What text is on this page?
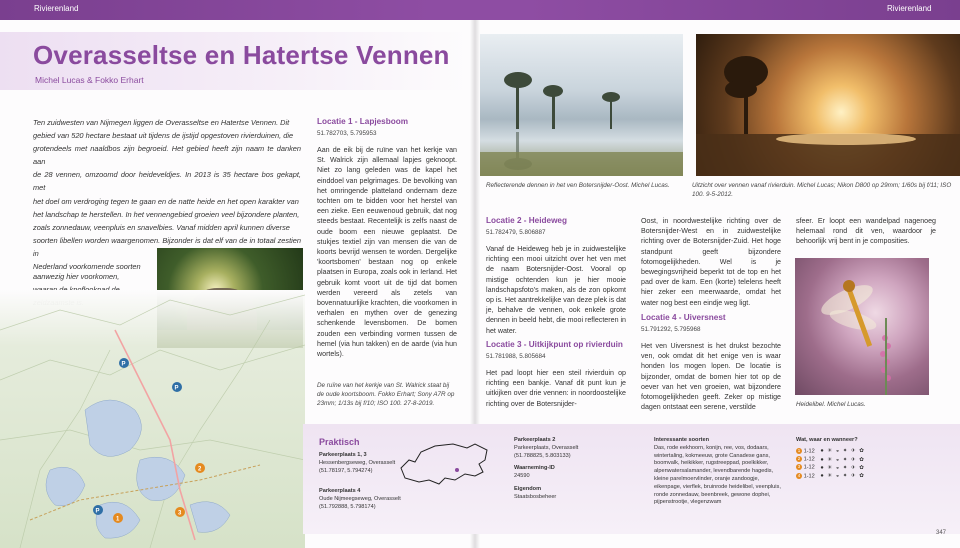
Rivierenland	Rivierenland
Overasseltse en Hatertse Vennen
Michel Lucas & Fokko Erhart
Ten zuidwesten van Nijmegen liggen de Overasseltse en Hatertse Vennen. Dit
gebied van 520 hectare bestaat uit tijdens de ijstijd opgestoven rivierduinen, die
grotendeels met naaldbos zijn begroeid. Het gebied heeft zijn naam te danken aan
de 28 vennen, omzoomd door heideveldjes. In 2013 is 35 hectare bos gekapt, met
het doel om verdroging tegen te gaan en de natte heide en het open karakter van
het landschap te herstellen. In het vennengebied groeien veel bijzondere planten,
zoals zonnedauw, veenpluis en snavelbies. Vanaf midden april kunnen diverse
soorten libellen worden waargenomen. Bijzonder is dat elf van de in totaal zestien in
Nederland voorkomende soorten
aanwezig hier voorkomen,
P
P
P
2
3
1
De ruïne van het kerkje van St. Walrick staat bij de oude koortsboom. Fokko Erhart; Sony A7R op 23mm; 1/13s bij f/10; ISO 100. 27-8-2019.
Locatie 1 - Lapjesboom
51.782703, 5.795953
Aan de eik bij de ruïne van het kerkje van St. Walrick zijn allemaal lapjes geknoopt. Niet zo lang geleden was de kapel het einddoel van pelgrimages. De bevolking van het omringende platteland ondernam deze tochten om te bidden voor het herstel van een zieke. Een eeuwenoud gebruik, dat nog steeds bestaat. Recentelijk is zelfs naast de oude boom een nieuwe geplaatst. De stukjes textiel zijn van mensen die van de koorts bevrijd wensen te worden. Dergelijke 'koortsbomen' bestaan nog op enkele plaatsen in Europa, zoals ook in Ierland. Het gebruik komt voort uit de tijd dat bomen werden vereerd als zetels van bovennatuurlijke krachten, die voorkomen in verhalen en mythen over de genezing schenkende levensbomen. De bomen zouden een verbinding vormen tussen de hemel (via hun takken) en de aarde (via hun wortels).
Reflecterende dennen in het ven Botersnijder-Oost. Michel Lucas.	Uitzicht over vennen vanaf rivierduin. Michel Lucas; Nikon D800 op 29mm; 1/60s bij f/11; ISO 100. 9-5-2012.
Locatie 2 - Heideweg
51.782479, 5.806887
Vanaf de Heideweg heb je in zuidwestelijke richting een mooi uitzicht over het ven met de naam Botersnijder-Oost. Vooral op mistige ochtenden kun je hier mooie landschapsfoto's maken, als de zon opkomt op is. Het aantrekkelijke van deze plek is dat je, behalve de vennen, ook enkele grote dennen in beeld hebt, die mooi reflecteren in het water.
Locatie 3 - Uitkijkpunt op rivierduin
51.781988, 5.805684
Het pad loopt hier een steil rivierduin op richting een bankje. Vanaf dit punt kun je uitkijken over drie vennen: in noordoostelijke richting over de Botersnijder-
Oost, in noordwestelijke richting over de Botersnijder-West en in zuidwestelijke richting over de Botersnijder-Zuid. Het hoge standpunt geeft bijzondere fotomogelijkheden. Wel is je bewegingsvrijheid beperkt tot de top en het pad over de kam. Een (korte) telelens heeft hier zeker een meerwaarde, omdat het water nog best een eindje weg ligt.
Locatie 4 - Uiversnest
51.791292, 5.795968
Het ven Uiversnest is het drukst bezochte ven, ook omdat dit het enige ven is waar honden los mogen lopen. De locatie is bijzonder, omdat de bomen hier tot op de oever van het ven groeien, wat bijzondere fotomogelijkheden geeft. Zeker op mistige dagen ontstaat een serene, verstilde
sfeer. Er loopt een wandelpad nagenoeg helemaal rond dit ven, waardoor je behoorlijk vrij bent in je composities.
Heidelibel. Michel Lucas.
Praktisch
Parkeerplaats 1, 3
Hessenbergseweg, Overasselt
(51.78197, 5.794274)
Parkeerplaats 4
Oude Nijmeegseweg, Overasselt
(51.792888, 5.798174)
Parkeerplaats 2
Parkeerplaats, Overasselt
(51.788825, 5.803133)
Waarneming-ID
24590
Eigendom
Staatsbosbeheer
Interessante soorten
Das, rode eekhoorn, konijn, ree, vos, dodaars, wintertaling, kokmeeuw, grote Canadese gans, boomvalk, heikikker, rugstreeppad, poelkikker, alpenwatersalamander, levendbarende hagedis, kleine parelmoervlinder, oranje zandoogje, eikenpage, vierflek, bruinrode heidelibel, veenpluis, ronde zonnedauw, beenbreek, gewone dophei, pijpenstrootje, vlegenzwam
Wat, waar en wanneer?
1 1-12 ● ☀ ◒ ✦ ✈ ✿
2 1-12 ● ☀ ◒ ✦ ✈ ✿
3 1-12 ● ☀ ◒ ✦ ✈ ✿
4 1-12 ● ☀ ◒ ✦ ✈ ✿
347
